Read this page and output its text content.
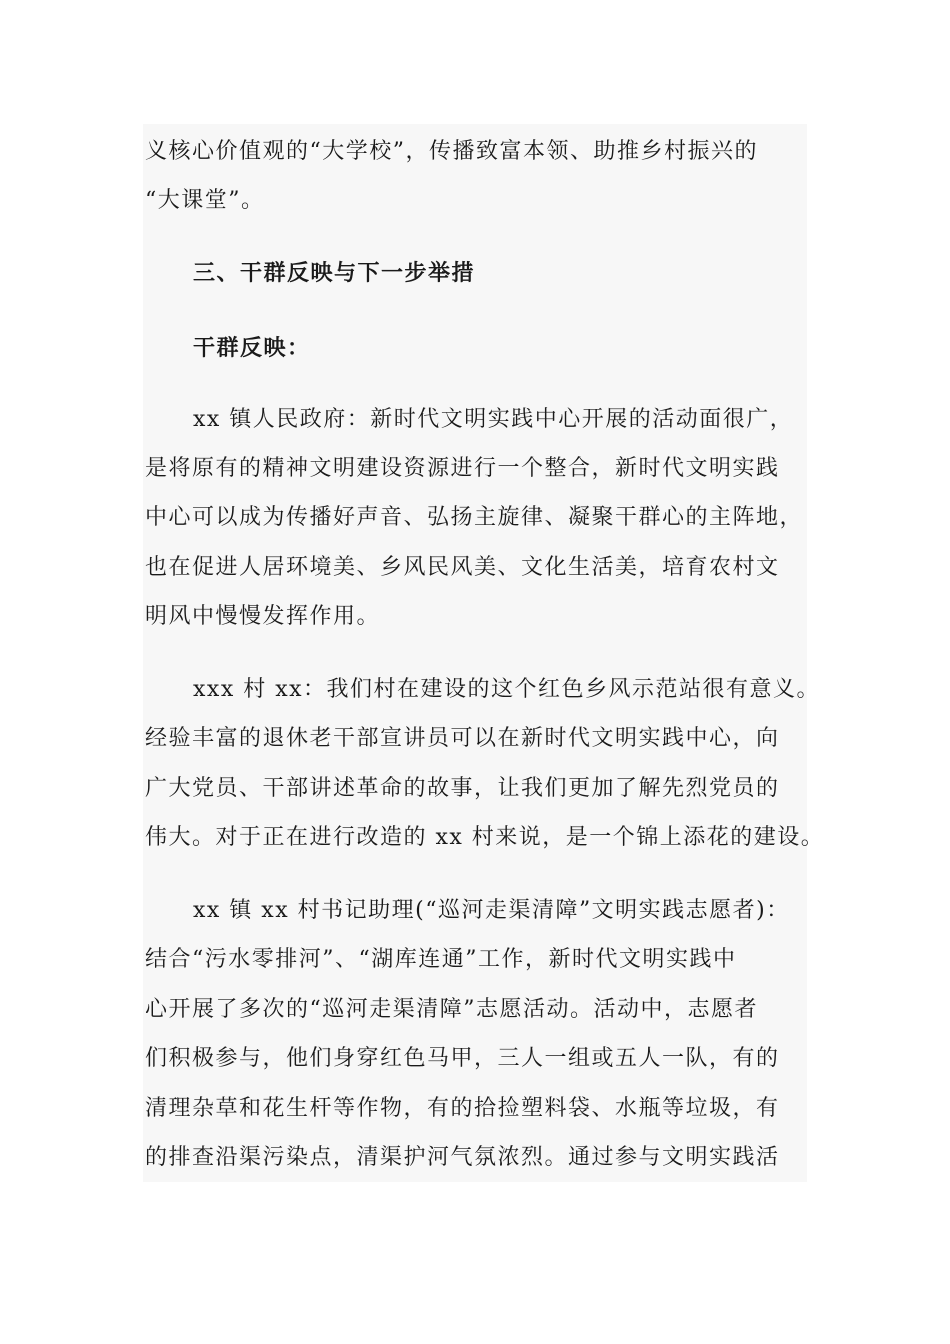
义核心价值观的“大学校”，传播致富本领、助推乡村振兴的
“大课堂”。
三、干群反映与下一步举措
干群反映：
xx 镇人民政府：新时代文明实践中心开展的活动面很广，
是将原有的精神文明建设资源进行一个整合，新时代文明实践
中心可以成为传播好声音、弘扬主旋律、凝聚干群心的主阵地，
也在促进人居环境美、乡风民风美、文化生活美，培育农村文
明风中慢慢发挥作用。
xxx 村 xx：我们村在建设的这个红色乡风示范站很有意义。
经验丰富的退休老干部宣讲员可以在新时代文明实践中心，向
广大党员、干部讲述革命的故事，让我们更加了解先烈党员的
伟大。对于正在进行改造的 xx 村来说，是一个锦上添花的建设。
xx 镇 xx 村书记助理(“巡河走渠清障”文明实践志愿者)：
结合“污水零排河”、“湖库连通”工作，新时代文明实践中
心开展了多次的“巡河走渠清障”志愿活动。活动中，志愿者
们积极参与，他们身穿红色马甲，三人一组或五人一队，有的
清理杂草和花生杆等作物，有的拾捡塑料袋、水瓶等垃圾，有
的排查沿渠污染点，清渠护河气氛浓烈。通过参与文明实践活
